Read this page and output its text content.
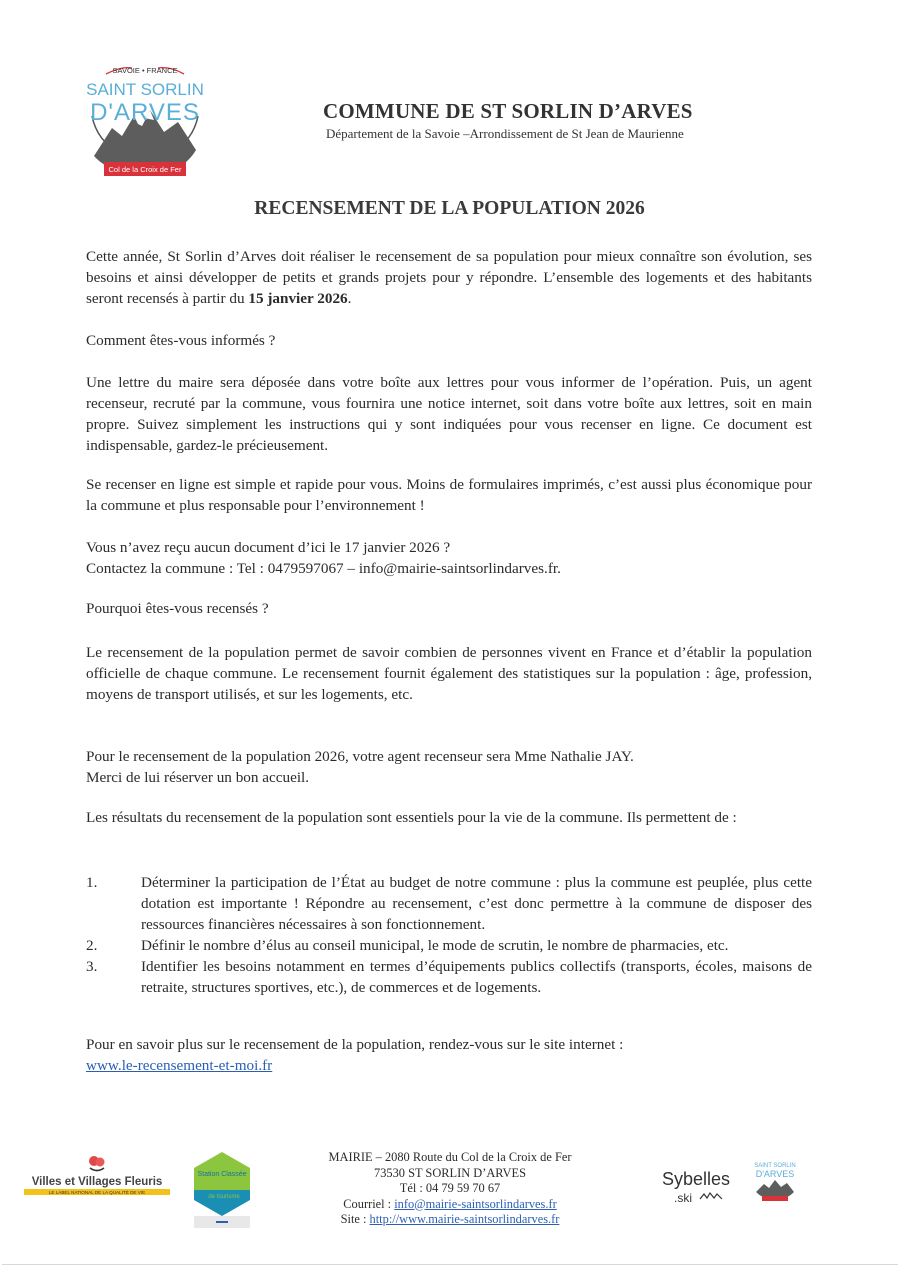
SAVOIE • FRANCE
SAINT SORLIN
D'ARVES
Col de la Croix de Fer
COMMUNE DE ST SORLIN D’ARVES
Département de la Savoie –Arrondissement de St Jean de Maurienne
RECENSEMENT DE LA POPULATION 2026
Cette année, St Sorlin d’Arves doit réaliser le recensement de sa population pour mieux connaître son évolution, ses besoins et ainsi développer de petits et grands projets pour y répondre. L’ensemble des logements et des habitants seront recensés à partir du 15 janvier 2026.
Comment êtes-vous informés ?
Une lettre du maire sera déposée dans votre boîte aux lettres pour vous informer de l’opération. Puis, un agent recenseur, recruté par la commune, vous fournira une notice internet, soit dans votre boîte aux lettres, soit en main propre. Suivez simplement les instructions qui y sont indiquées pour vous recenser en ligne. Ce document est indispensable, gardez-le précieusement.
Se recenser en ligne est simple et rapide pour vous. Moins de formulaires imprimés, c’est aussi plus économique pour la commune et plus responsable pour l’environnement !
Vous n’avez reçu aucun document d’ici le 17 janvier 2026 ?
Contactez la commune : Tel : 0479597067 – info@mairie-saintsorlindarves.fr.
Pourquoi êtes-vous recensés ?
Le recensement de la population permet de savoir combien de personnes vivent en France et d’établir la population officielle de chaque commune. Le recensement fournit également des statistiques sur la population : âge, profession, moyens de transport utilisés, et sur les logements, etc.
Pour le recensement de la population 2026, votre agent recenseur sera Mme Nathalie JAY.
Merci de lui réserver un bon accueil.
Les résultats du recensement de la population sont essentiels pour la vie de la commune. Ils permettent de :
1.	Déterminer la participation de l’État au budget de notre commune : plus la commune est peuplée, plus cette dotation est importante ! Répondre au recensement, c’est donc permettre à la commune de disposer des ressources financières nécessaires à son fonctionnement.
2.	Définir le nombre d’élus au conseil municipal, le mode de scrutin, le nombre de pharmacies, etc.
3.	Identifier les besoins notamment en termes d’équipements publics collectifs (transports, écoles, maisons de retraite, structures sportives, etc.), de commerces et de logements.
Pour en savoir plus sur le recensement de la population, rendez-vous sur le site internet :
www.le-recensement-et-moi.fr
Villes et Villages Fleuris
LE LABEL NATIONAL DE LA QUALITÉ DE VIE
Station Classée
de tourisme
MAIRIE – 2080 Route du Col de la Croix de Fer
73530 ST SORLIN D’ARVES
Tél : 04 79 59 70 67
Courriel : info@mairie-saintsorlindarves.fr
Site : http://www.mairie-saintsorlindarves.fr
Sybelles
.ski
SAINT SORLIN
D'ARVES
